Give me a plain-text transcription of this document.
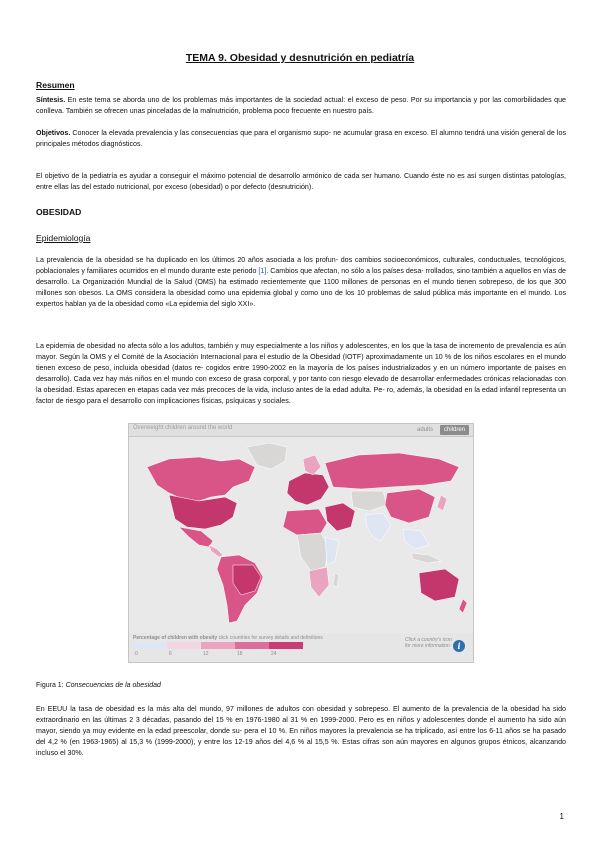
TEMA 9. Obesidad y desnutrición en pediatría
Resumen

Síntesis. En este tema se aborda uno de los problemas más importantes de la sociedad actual: el exceso de peso. Por su importancia y por las comorbilidades que conlleva. También se ofrecen unas pinceladas de la malnutrición, problema poco frecuente en nuestro país.

Objetivos. Conocer la elevada prevalencia y las consecuencias que para el organismo supo- ne acumular grasa en exceso. El alumno tendrá una visión general de los principales métodos diagnósticos.

El objetivo de la pediatría es ayudar a conseguir el máximo potencial de desarrollo armónico de cada ser humano. Cuando éste no es así surgen distintas patologías, entre ellas las del estado nutricional, por exceso (obesidad) o por defecto (desnutrición).

OBESIDAD
Epidemiología

La prevalencia de la obesidad se ha duplicado en los últimos 20 años asociada a los profun- dos cambios socioeconómicos, culturales, conductuales, tecnológicos, poblacionales y familiares ocurridos en el mundo durante este periodo [1]. Cambios que afectan, no sólo a los países desa- rrollados, sino también a aquellos en vías de desarrollo. La Organización Mundial de la Salud (OMS) ha estimado recientemente que 1100 millones de personas en el mundo tienen sobrepeso, de los que 300 millones son obesos. La OMS considera la obesidad como una epidemia global y como uno de los 10 problemas de salud pública más importante en el mundo. Los expertos hablan ya de la obesidad como «La epidemia del siglo XXI».

La epidemia de obesidad no afecta sólo a los adultos, también y muy especialmente a los niños y adolescentes, en los que la tasa de incremento de prevalencia es aún mayor. Según la OMS y el Comité de la Asociación Internacional para el estudio de la Obesidad (IOTF) aproximadamente un 10 % de los niños escolares en el mundo tienen exceso de peso, incluida obesidad (datos re- cogidos entre 1990-2002 en la mayoría de los países industrializados y en un número importante de países en desarrollo). Cada vez hay más niños en el mundo con exceso de grasa corporal, y por tanto con riesgo elevado de desarrollar enfermedades crónicas relacionadas con la obesidad. Estas aparecen en etapas cada vez más precoces de la vida, incluso antes de la edad adulta. Pe- ro, además, la obesidad en la edad infantil representa un factor de riesgo para el desarrollo con implicaciones físicas, psíquicas y sociales.

Overweight children around the world	adults	children
Percentage of children with obesity click countries for survey details and definitions
0	6	12	18	24
Click a country's icon for more information i
Figura 1: Consecuencias de la obesidad

En EEUU la tasa de obesidad es la más alta del mundo, 97 millones de adultos con obesidad y sobrepeso. El aumento de la prevalencia de la obesidad ha sido extraordinario en las últimas 2 3 décadas, pasando del 15 % en 1976-1980 al 31 % en 1999-2000. Pero es en niños y adolescentes donde el aumento ha sido aún mayor, siendo ya muy evidente en la edad preescolar, donde su- pera el 10 %. En niños mayores la prevalencia se ha triplicado, así entre los 6-11 años se ha pasado del 4,2 % (en 1963-1965) al 15,3 % (1999-2000), y entre los 12-19 años del 4,6 % al 15,5 %. Estas cifras son aún mayores en algunos grupos étnicos, alcanzando incluso el 30%.

1
